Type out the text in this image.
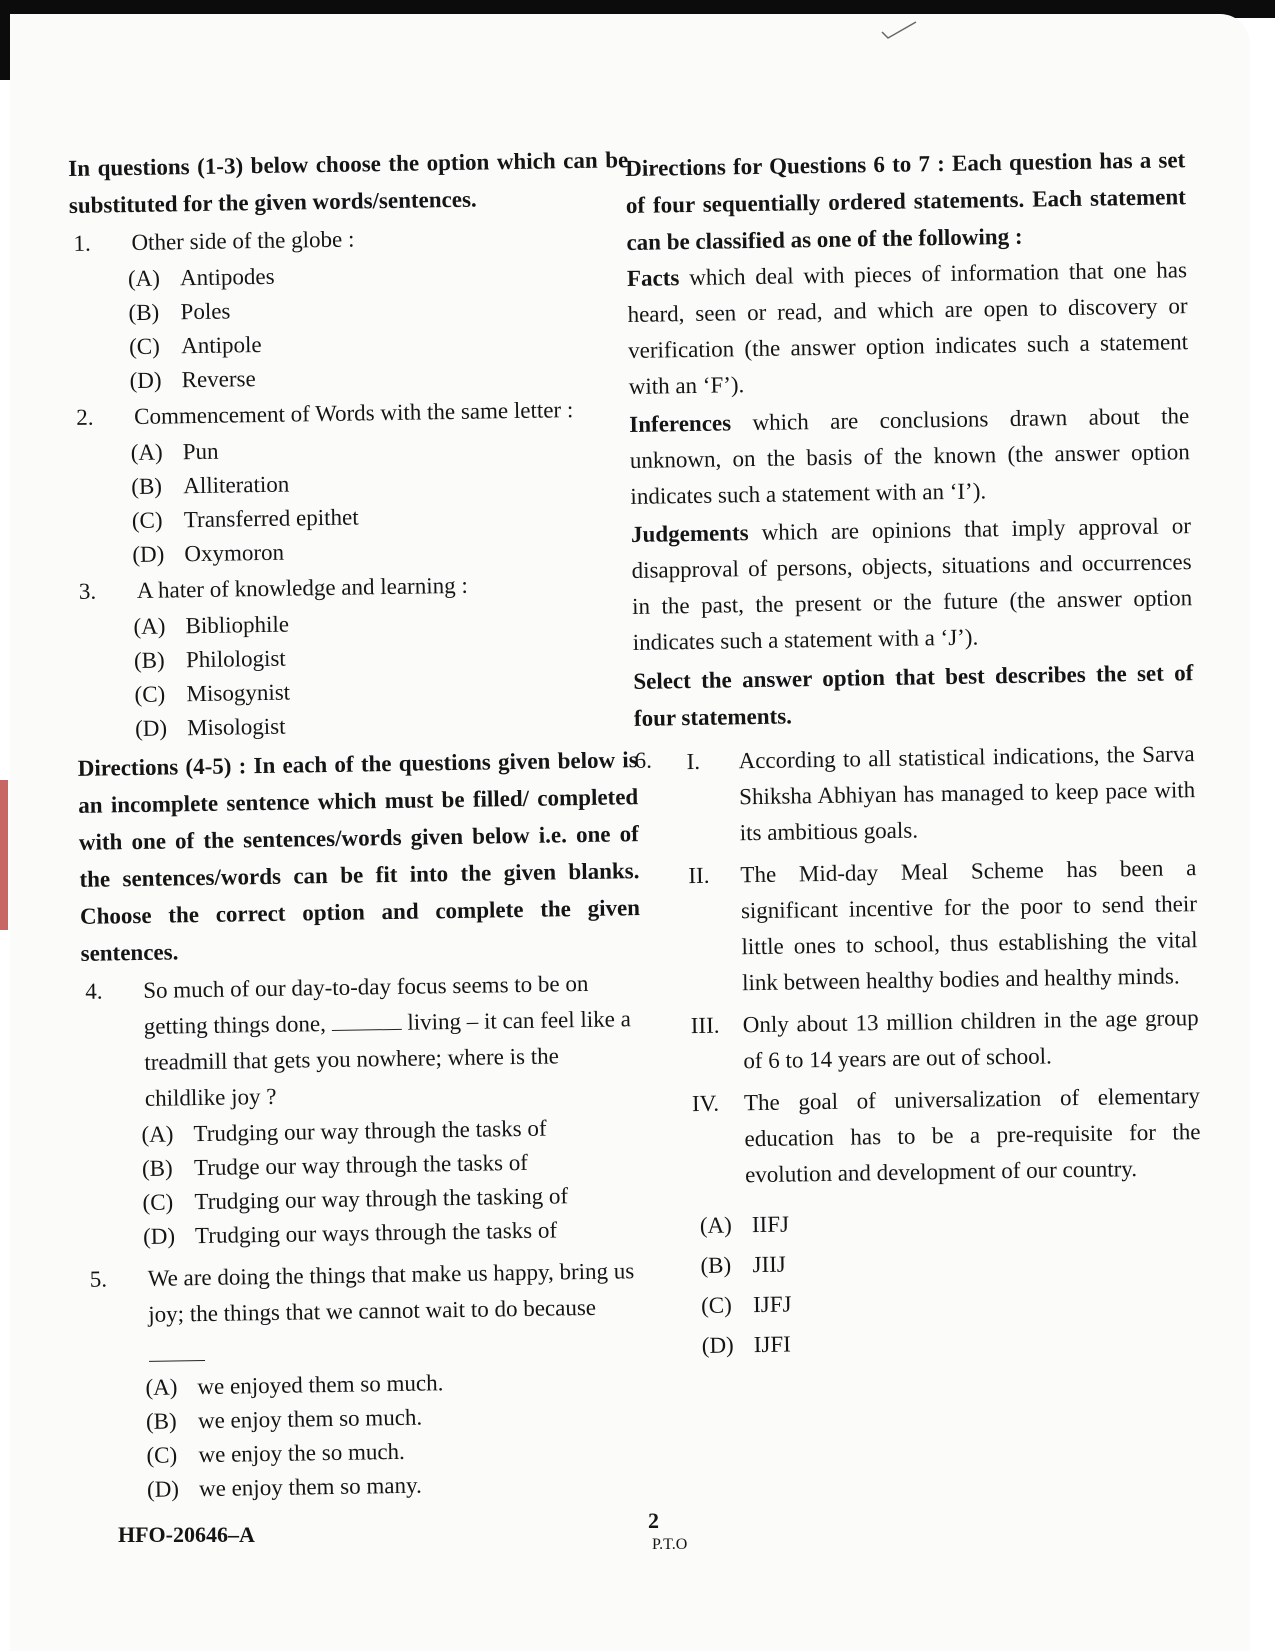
In questions (1-3) below choose the option which can be substituted for the given words/sentences.
1.	Other side of the globe :
(A) Antipodes
(B) Poles
(C) Antipole
(D) Reverse
2.	Commencement of Words with the same letter :
(A) Pun
(B) Alliteration
(C) Transferred epithet
(D) Oxymoron
3.	A hater of knowledge and learning :
(A) Bibliophile
(B) Philologist
(C) Misogynist
(D) Misologist
Directions (4-5) : In each of the questions given below is an incomplete sentence which must be filled/ completed with one of the sentences/words given below i.e. one of the sentences/words can be fit into the given blanks. Choose the correct option and complete the given sentences.
4.	So much of our day-to-day focus seems to be on getting things done,	living – it can feel like a treadmill that gets you nowhere; where is the childlike joy ?
(A) Trudging our way through the tasks of
(B) Trudge our way through the tasks of
(C) Trudging our way through the tasking of
(D) Trudging our ways through the tasks of
5.	We are doing the things that make us happy, bring us joy; the things that we cannot wait to do because
(A) we enjoyed them so much.
(B) we enjoy them so much.
(C) we enjoy the so much.
(D) we enjoy them so many.
Directions for Questions 6 to 7 : Each question has a set of four sequentially ordered statements. Each statement can be classified as one of the following :

Facts which deal with pieces of information that one has heard, seen or read, and which are open to discovery or verification (the answer option indicates such a statement with an ‘F’).

Inferences which are conclusions drawn about the unknown, on the basis of the known (the answer option indicates such a statement with an ‘I’).

Judgements which are opinions that imply approval or disapproval of persons, objects, situations and occurrences in the past, the present or the future (the answer option indicates such a statement with a ‘J’).

Select the answer option that best describes the set of four statements.
6.	I.	According to all statistical indications, the Sarva Shiksha Abhiyan has managed to keep pace with its ambitious goals.
II.	The Mid-day Meal Scheme has been a significant incentive for the poor to send their little ones to school, thus establishing the vital link between healthy bodies and healthy minds.
III. Only about 13 million children in the age group of 6 to 14 years are out of school.
IV.	The goal of universalization of elementary education has to be a pre-requisite for the evolution and development of our country.
(A) IIFJ
(B) JIIJ
(C) IJFJ
(D) IJFI
HFO-20646–A
2
P.T.O
